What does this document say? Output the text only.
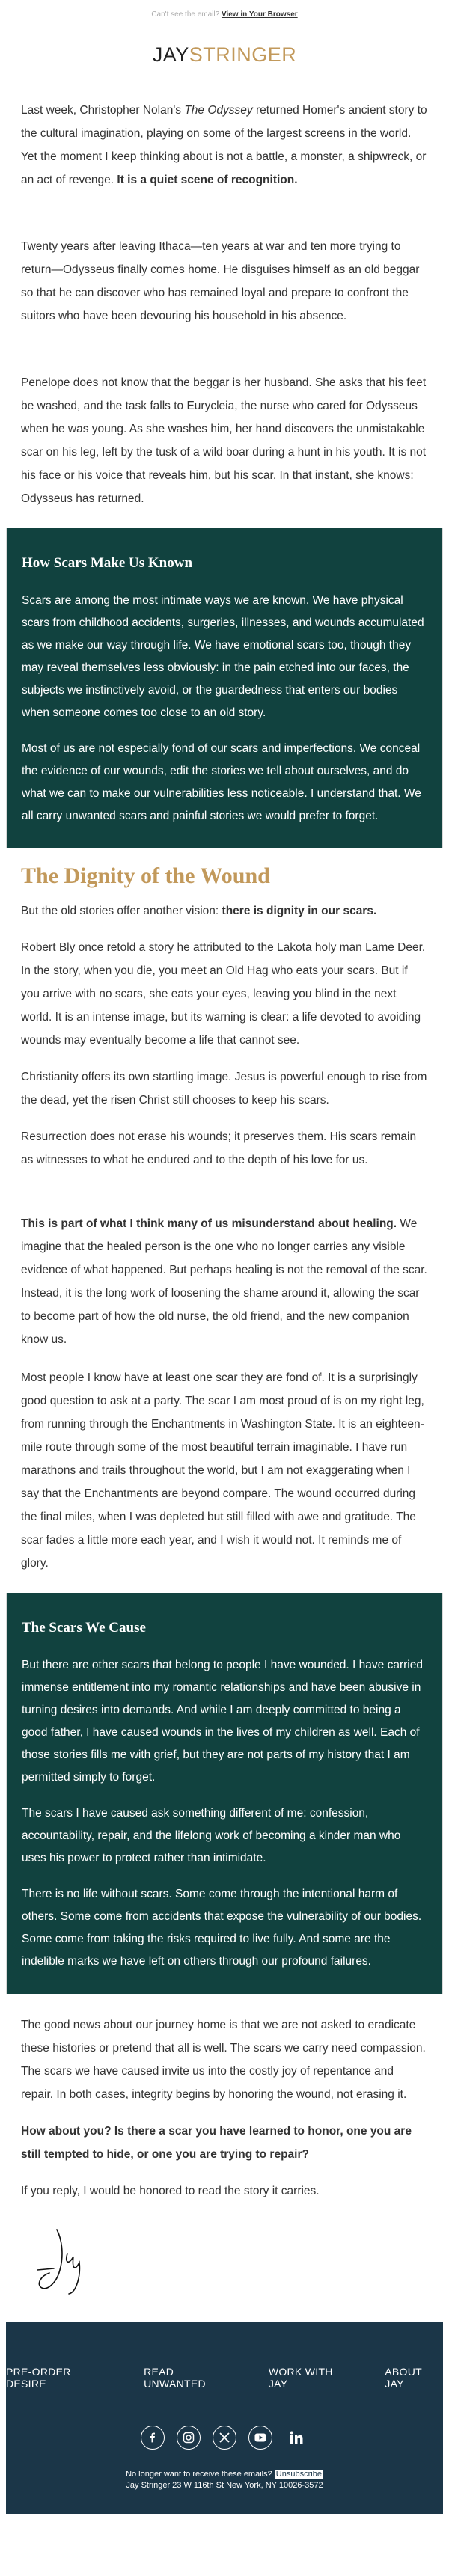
Can't see the email? View in Your Browser
JAYSTRINGER

Last week, Christopher Nolan's The Odyssey returned Homer's ancient story to the cultural imagination, playing on some of the largest screens in the world. Yet the moment I keep thinking about is not a battle, a monster, a shipwreck, or an act of revenge. It is a quiet scene of recognition.

Twenty years after leaving Ithaca—ten years at war and ten more trying to return—Odysseus finally comes home. He disguises himself as an old beggar so that he can discover who has remained loyal and prepare to confront the suitors who have been devouring his household in his absence.

Penelope does not know that the beggar is her husband. She asks that his feet be washed, and the task falls to Eurycleia, the nurse who cared for Odysseus when he was young. As she washes him, her hand discovers the unmistakable scar on his leg, left by the tusk of a wild boar during a hunt in his youth. It is not his face or his voice that reveals him, but his scar. In that instant, she knows: Odysseus has returned.

How Scars Make Us Known

Scars are among the most intimate ways we are known. We have physical scars from childhood accidents, surgeries, illnesses, and wounds accumulated as we make our way through life. We have emotional scars too, though they may reveal themselves less obviously: in the pain etched into our faces, the subjects we instinctively avoid, or the guardedness that enters our bodies when someone comes too close to an old story.

Most of us are not especially fond of our scars and imperfections. We conceal the evidence of our wounds, edit the stories we tell about ourselves, and do what we can to make our vulnerabilities less noticeable. I understand that. We all carry unwanted scars and painful stories we would prefer to forget.

The Dignity of the Wound

But the old stories offer another vision: there is dignity in our scars.

Robert Bly once retold a story he attributed to the Lakota holy man Lame Deer. In the story, when you die, you meet an Old Hag who eats your scars. But if you arrive with no scars, she eats your eyes, leaving you blind in the next world. It is an intense image, but its warning is clear: a life devoted to avoiding wounds may eventually become a life that cannot see.

Christianity offers its own startling image. Jesus is powerful enough to rise from the dead, yet the risen Christ still chooses to keep his scars.

Resurrection does not erase his wounds; it preserves them. His scars remain as witnesses to what he endured and to the depth of his love for us.

This is part of what I think many of us misunderstand about healing. We imagine that the healed person is the one who no longer carries any visible evidence of what happened. But perhaps healing is not the removal of the scar. Instead, it is the long work of loosening the shame around it, allowing the scar to become part of how the old nurse, the old friend, and the new companion know us.

Most people I know have at least one scar they are fond of. It is a surprisingly good question to ask at a party. The scar I am most proud of is on my right leg, from running through the Enchantments in Washington State. It is an eighteen-mile route through some of the most beautiful terrain imaginable. I have run marathons and trails throughout the world, but I am not exaggerating when I say that the Enchantments are beyond compare. The wound occurred during the final miles, when I was depleted but still filled with awe and gratitude. The scar fades a little more each year, and I wish it would not. It reminds me of glory.

The Scars We Cause

But there are other scars that belong to people I have wounded. I have carried immense entitlement into my romantic relationships and have been abusive in turning desires into demands. And while I am deeply committed to being a good father, I have caused wounds in the lives of my children as well. Each of those stories fills me with grief, but they are not parts of my history that I am permitted simply to forget.

The scars I have caused ask something different of me: confession, accountability, repair, and the lifelong work of becoming a kinder man who uses his power to protect rather than intimidate.

There is no life without scars. Some come through the intentional harm of others. Some come from accidents that expose the vulnerability of our bodies. Some come from taking the risks required to live fully. And some are the indelible marks we have left on others through our profound failures.

The good news about our journey home is that we are not asked to eradicate these histories or pretend that all is well. The scars we carry need compassion. The scars we have caused invite us into the costly joy of repentance and repair. In both cases, integrity begins by honoring the wound, not erasing it.

How about you? Is there a scar you have learned to honor, one you are still tempted to hide, or one you are trying to repair?

If you reply, I would be honored to read the story it carries.

PRE-ORDER DESIRE
READ UNWANTED
WORK WITH JAY
ABOUT JAY
No longer want to receive these emails? Unsubscribe
Jay Stringer 23 W 116th St New York, NY 10026-3572
